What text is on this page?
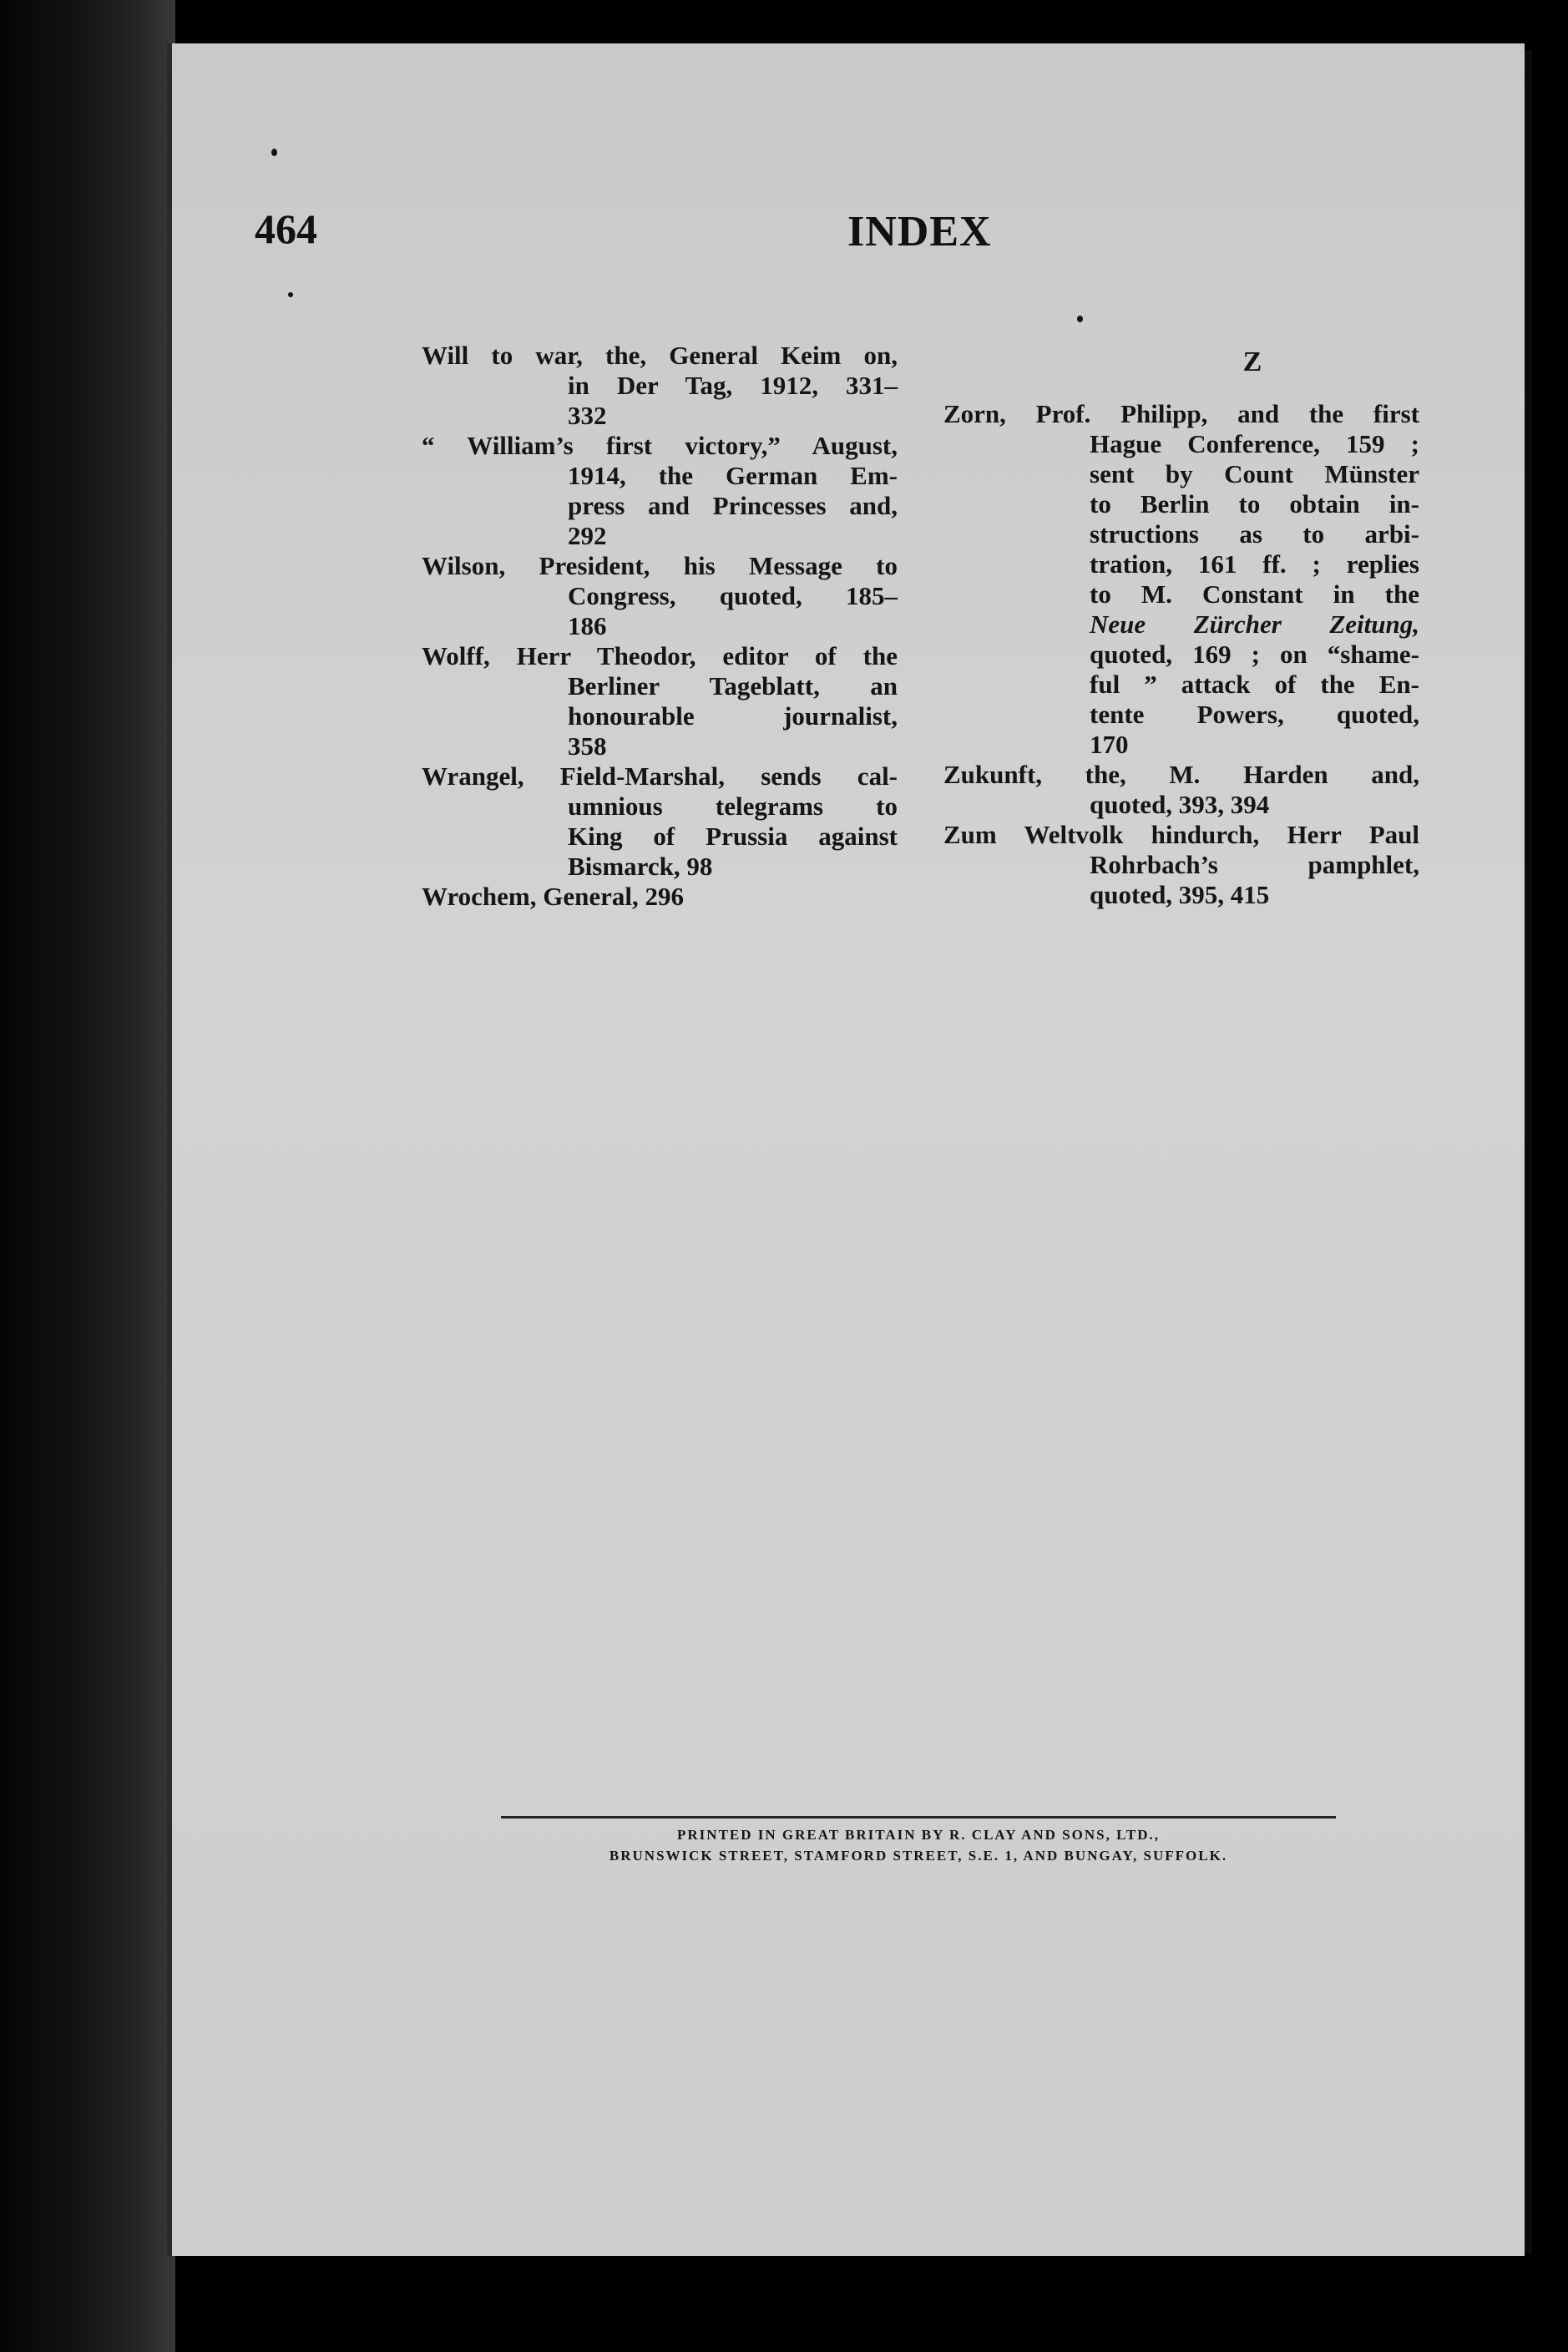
464	INDEX

Will to war, the, General Keim on,
in Der Tag, 1912, 331–
332

“ William’s first victory,” August,
1914, the German Em-
press and Princesses and,
292

Wilson, President, his Message to
Congress, quoted, 185–
186

Wolff, Herr Theodor, editor of the
Berliner Tageblatt, an
honourable journalist,
358

Wrangel, Field-Marshal, sends cal-
umnious telegrams to
King of Prussia against
Bismarck, 98

Wrochem, General, 296

Z

Zorn, Prof. Philipp, and the first
Hague Conference, 159 ;
sent by Count Münster
to Berlin to obtain in-
structions as to arbi-
tration, 161 ff. ; replies
to M. Constant in the
Neue Zürcher Zeitung,
quoted, 169 ; on “shame-
ful ” attack of the En-
tente Powers, quoted,
170

Zukunft, the, M. Harden and,
quoted, 393, 394

Zum Weltvolk hindurch, Herr Paul
Rohrbach’s pamphlet,
quoted, 395, 415

PRINTED IN GREAT BRITAIN BY R. CLAY AND SONS, LTD.,
BRUNSWICK STREET, STAMFORD STREET, S.E. 1, AND BUNGAY, SUFFOLK.
